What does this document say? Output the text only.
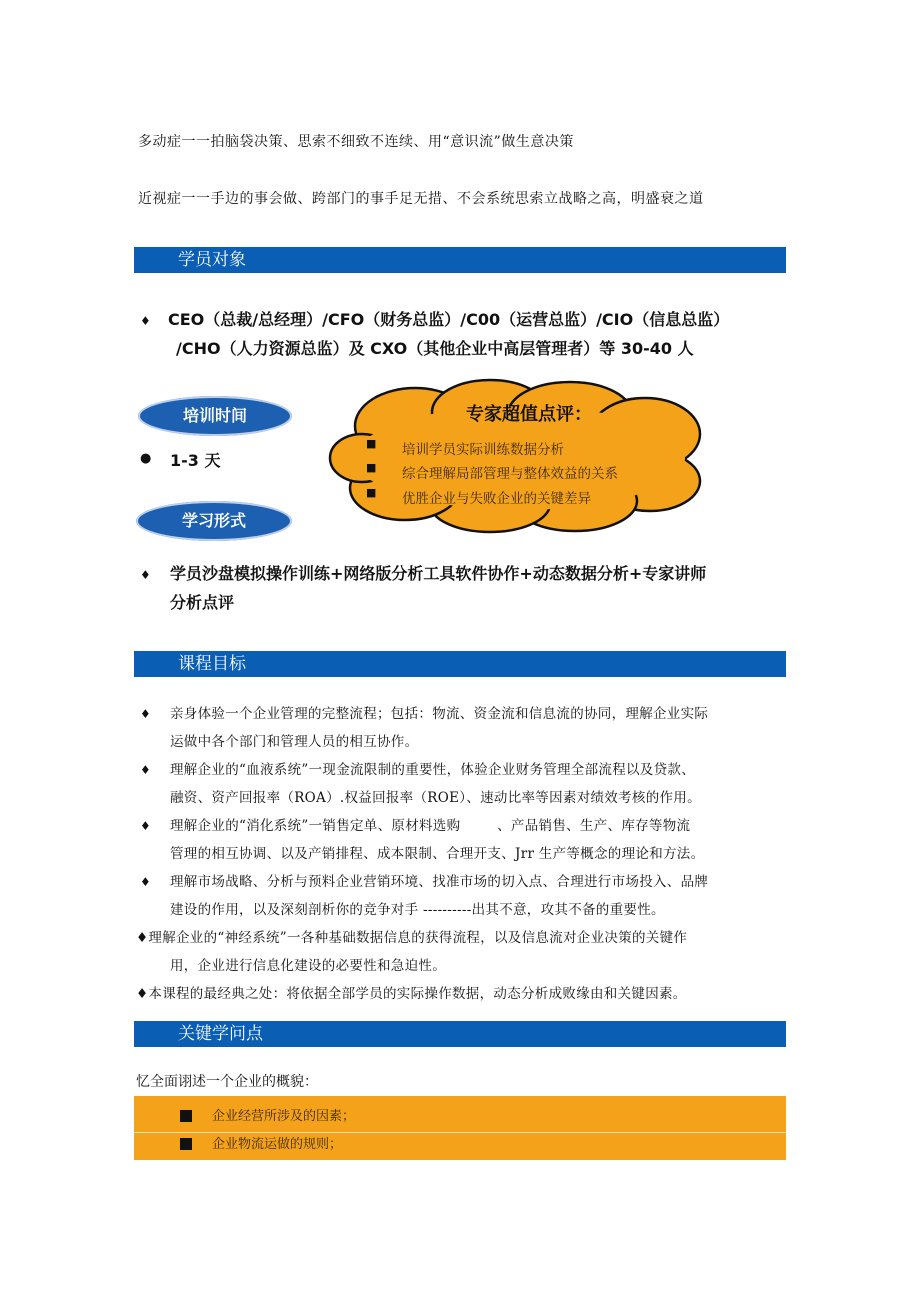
多动症一一拍脑袋决策、思索不细致不连续、用“意识流”做生意决策
近视症一一手边的事会做、跨部门的事手足无措、不会系统思索立战略之高，明盛衰之道
学员对象
♦ CEO（总裁/总经理）/CFO（财务总监）/C00（运营总监）/CIO（信息总监）
/CHO（人力资源总监）及 CXO（其他企业中高层管理者）等 30-40 人
专家超值点评：
■ 培训学员实际训练数据分析
■ 综合理解局部管理与整体效益的关系
■ 优胜企业与失败企业的关键差异
培训时间
● 1-3 天
学习形式
♦ 学员沙盘模拟操作训练+网络版分析工具软件协作+动态数据分析+专家讲师
分析点评
课程目标
♦ 亲身体验一个企业管理的完整流程；包括：物流、资金流和信息流的协同，理解企业实际
运做中各个部门和管理人员的相互协作。
♦ 理解企业的“血液系统”一现金流限制的重要性，体验企业财务管理全部流程以及贷款、
融资、资产回报率（ROA）.权益回报率（ROE）、速动比率等因素对绩效考核的作用。
♦ 理解企业的“消化系统”一销售定单、原材料选购        、产品销售、生产、库存等物流
管理的相互协调、以及产销排程、成本限制、合理开支、Jrr 生产等概念的理论和方法。
♦ 理解市场战略、分析与预料企业营销环境、找准市场的切入点、合理进行市场投入、品牌
建设的作用，以及深刻剖析你的竞争对手 ----------出其不意，攻其不备的重要性。
♦理解企业的“神经系统”一各种基础数据信息的获得流程，以及信息流对企业决策的关键作
用，企业进行信息化建设的必要性和急迫性。
♦本课程的最经典之处：将依据全部学员的实际操作数据，动态分析成败缘由和关键因素。
关键学问点
忆全面诩述一个企业的概貌：
企业经营所涉及的因素；
企业物流运做的规则；
